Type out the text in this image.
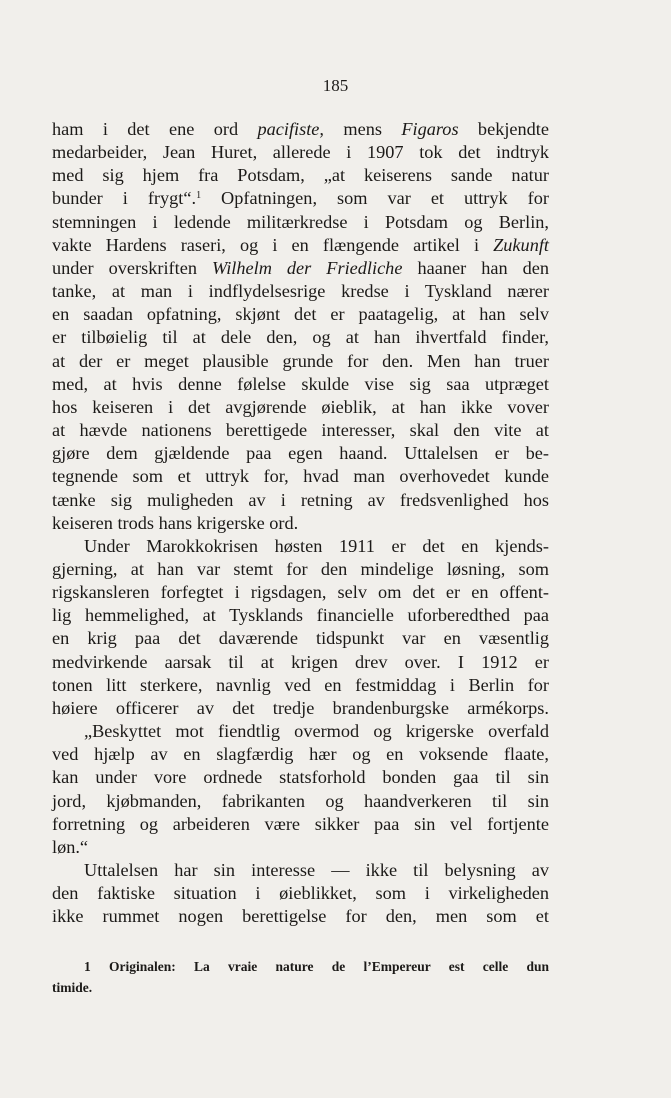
185
ham i det ene ord pacifiste, mens Figaros bekjendte
medarbeider, Jean Huret, allerede i 1907 tok det indtryk
med sig hjem fra Potsdam, „at keiserens sande natur
bunder i frygt“.$^1$ Opfatningen, som var et uttryk for
stemningen i ledende militærkredse i Potsdam og Berlin,
vakte Hardens raseri, og i en flængende artikel i Zukunft
under overskriften Wilhelm der Friedliche haaner han den
tanke, at man i indflydelsesrige kredse i Tyskland nærer
en saadan opfatning, skjønt det er paatagelig, at han selv
er tilbøielig til at dele den, og at han ihvertfald finder,
at der er meget plausible grunde for den. Men han truer
med, at hvis denne følelse skulde vise sig saa utpræget
hos keiseren i det avgjørende øieblik, at han ikke vover
at hævde nationens berettigede interesser, skal den vite at
gjøre dem gjældende paa egen haand. Uttalelsen er be-
tegnende som et uttryk for, hvad man overhovedet kunde
tænke sig muligheden av i retning av fredsvenlighed hos
keiseren trods hans krigerske ord.
Under Marokkokrisen høsten 1911 er det en kjends-
gjerning, at han var stemt for den mindelige løsning, som
rigskansleren forfegtet i rigsdagen, selv om det er en offent-
lig hemmelighed, at Tysklands financielle uforberedthed paa
en krig paa det daværende tidspunkt var en væsentlig
medvirkende aarsak til at krigen drev over. I 1912 er
tonen litt sterkere, navnlig ved en festmiddag i Berlin for
høiere officerer av det tredje brandenburgske armékorps.
„Beskyttet mot fiendtlig overmod og krigerske overfald
ved hjælp av en slagfærdig hær og en voksende flaate,
kan under vore ordnede statsforhold bonden gaa til sin
jord, kjøbmanden, fabrikanten og haandverkeren til sin
forretning og arbeideren være sikker paa sin vel fortjente
løn.“
Uttalelsen har sin interesse — ikke til belysning av
den faktiske situation i øieblikket, som i virkeligheden
ikke rummet nogen berettigelse for den, men som et
1 Originalen: La vraie nature de l’Empereur est celle dun
timide.
